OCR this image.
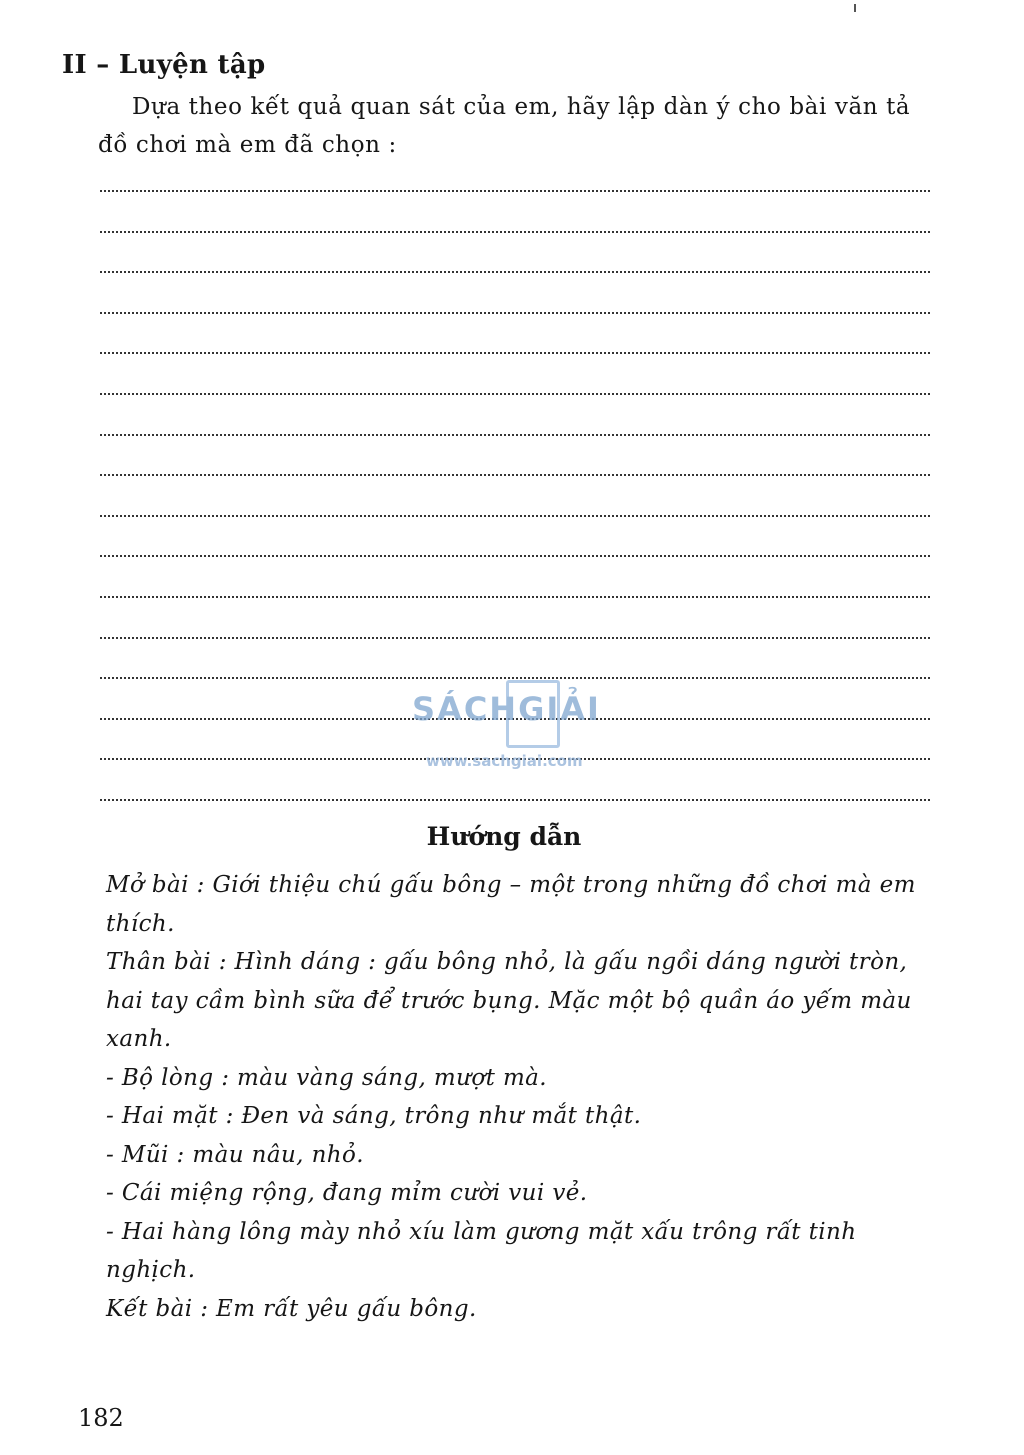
II – Luyện tập
Dựa theo kết quả quan sát của em, hãy lập dàn ý cho bài văn tả đồ chơi mà em đã chọn :
SÁCHGIẢI
www.sachgiai.com
Hướng dẫn

Mở bài : Giới thiệu chú gấu bông – một trong những đồ chơi mà em thích.

Thân bài : Hình dáng : gấu bông nhỏ, là gấu ngồi dáng người tròn, hai tay cầm bình sữa để trước bụng. Mặc một bộ quần áo yếm màu xanh.

- Bộ lòng : màu vàng sáng, mượt mà.

- Hai mặt : Đen và sáng, trông như mắt thật.

- Mũi : màu nâu, nhỏ.

- Cái miệng rộng, đang mỉm cười vui vẻ.

- Hai hàng lông mày nhỏ xíu làm gương mặt xấu trông rất tinh nghịch.

Kết bài : Em rất yêu gấu bông.

182
